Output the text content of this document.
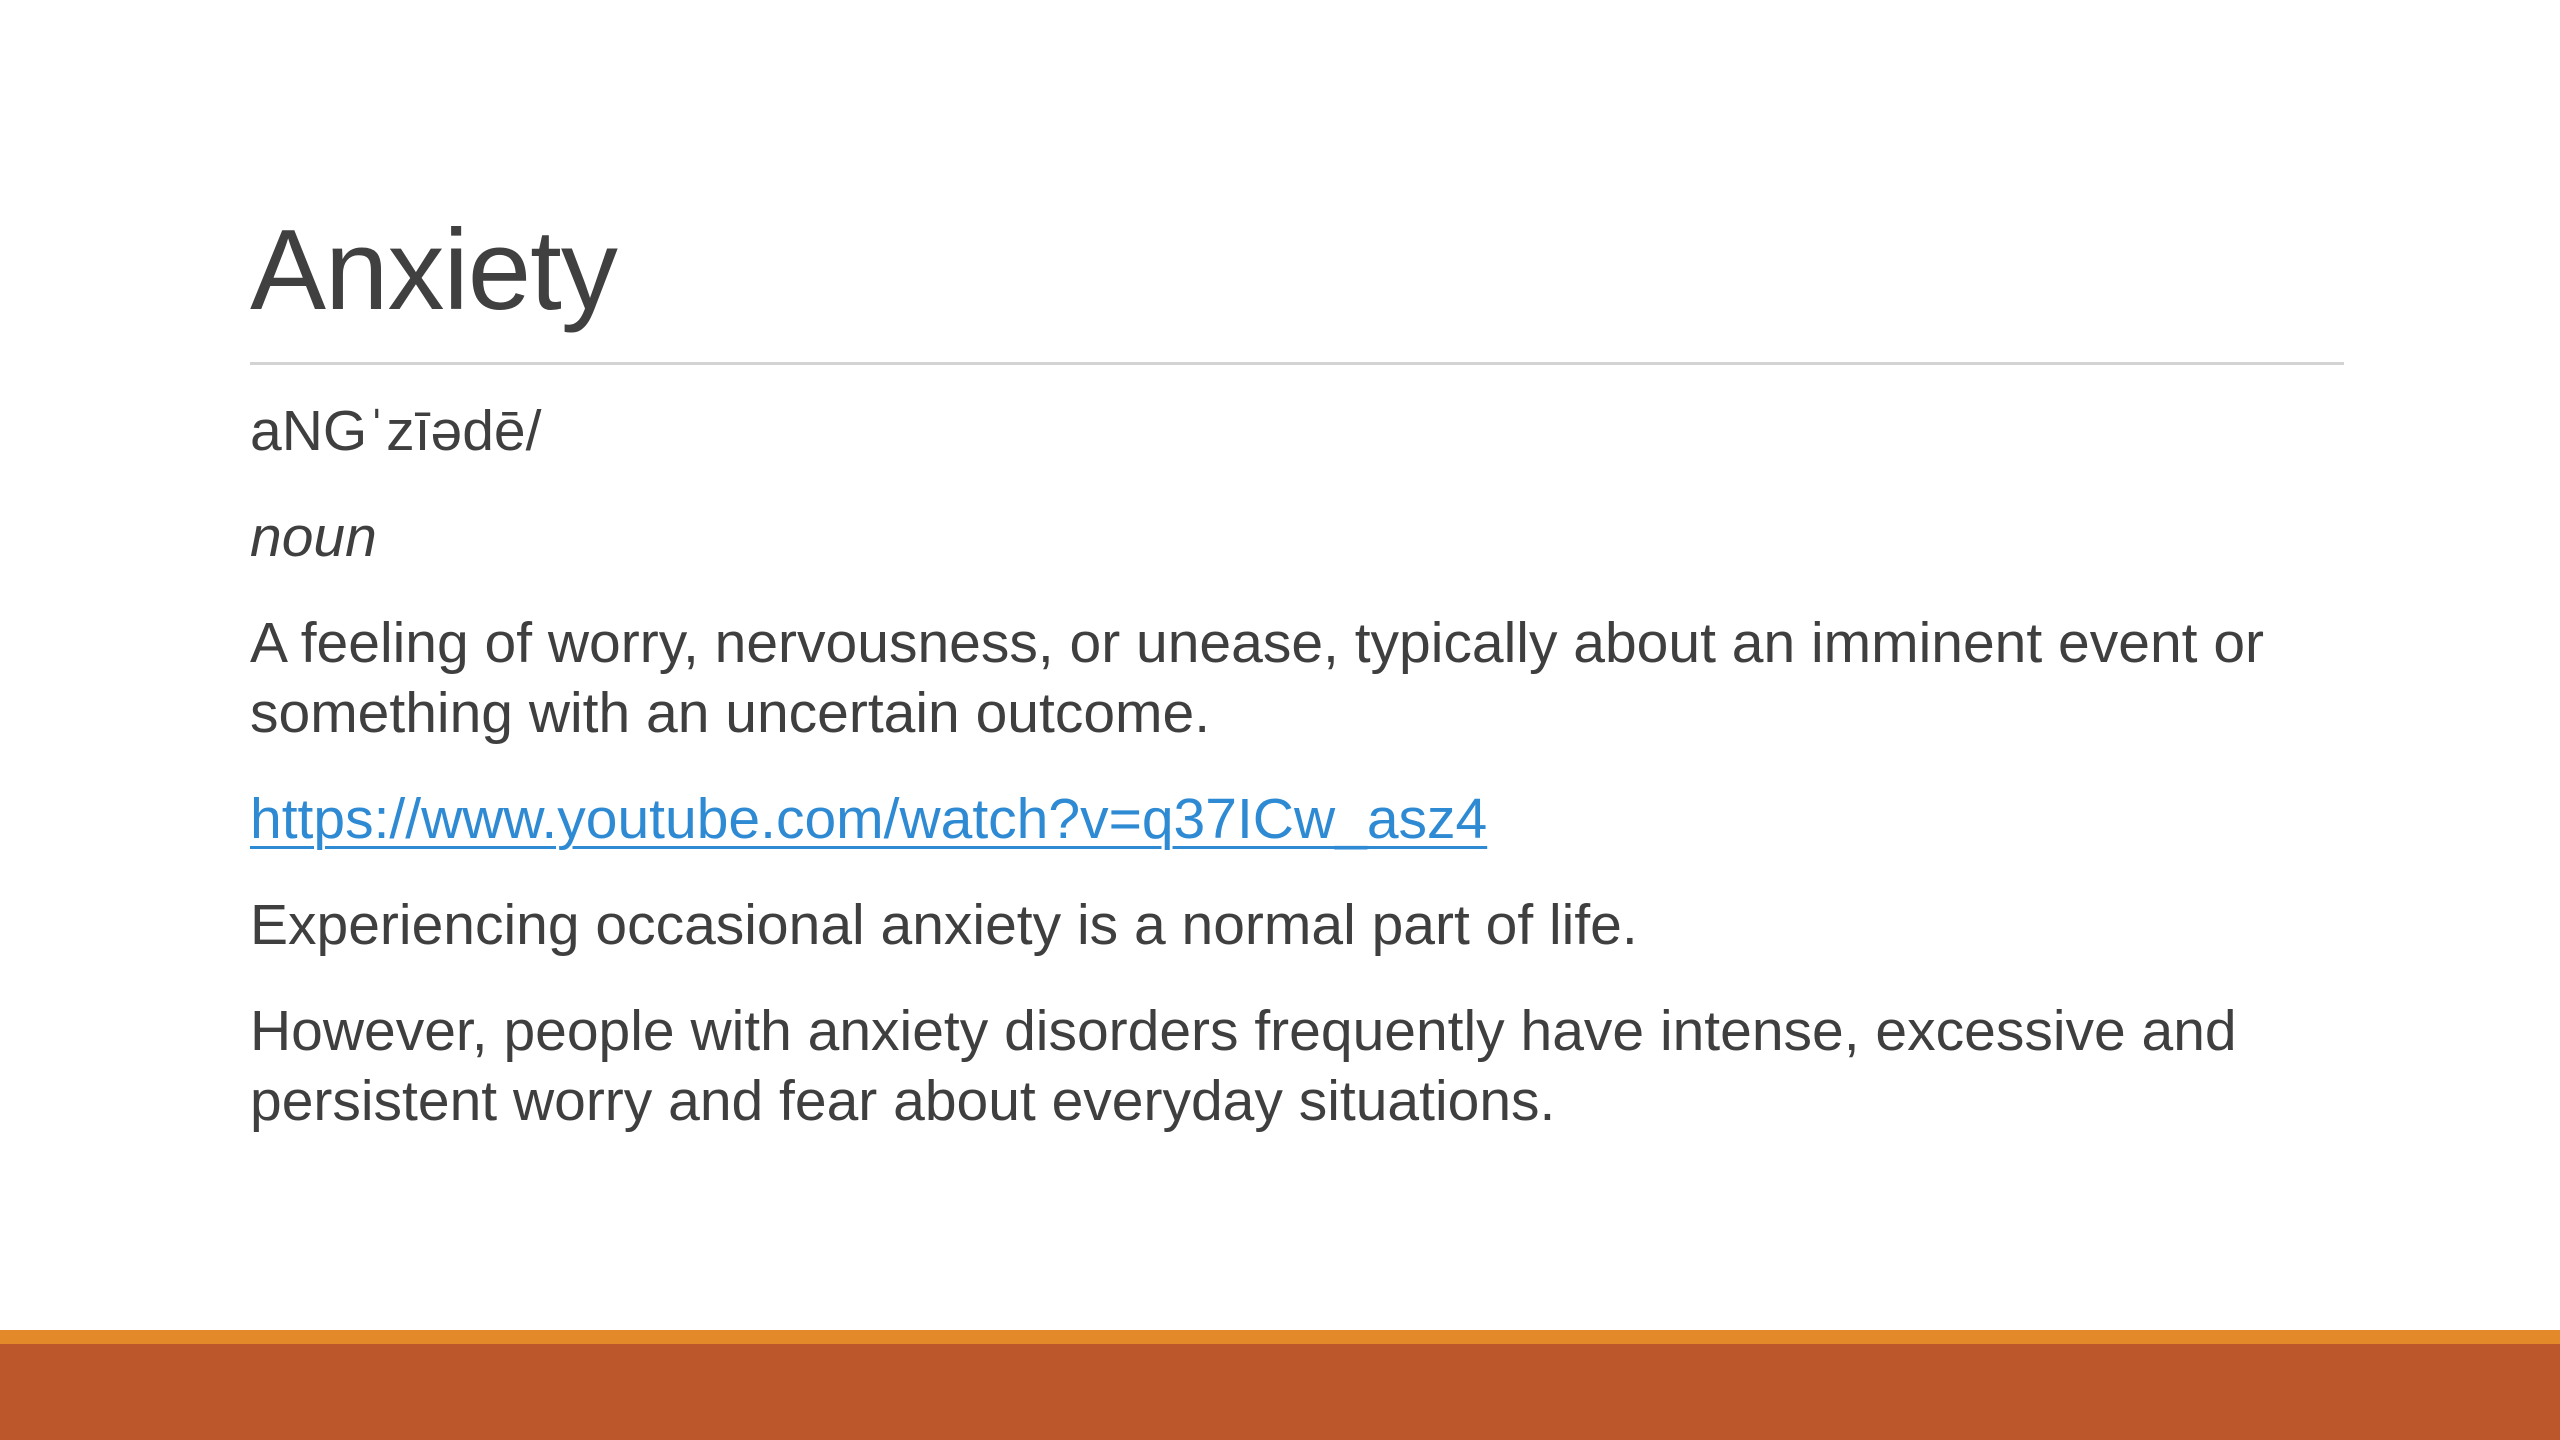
Anxiety

aNGˈzīədē/

noun

A feeling of worry, nervousness, or unease, typically about an imminent event or something with an uncertain outcome.

https://www.youtube.com/watch?v=q37ICw_asz4

Experiencing occasional anxiety is a normal part of life.

However, people with anxiety disorders frequently have intense, excessive and persistent worry and fear about everyday situations.
